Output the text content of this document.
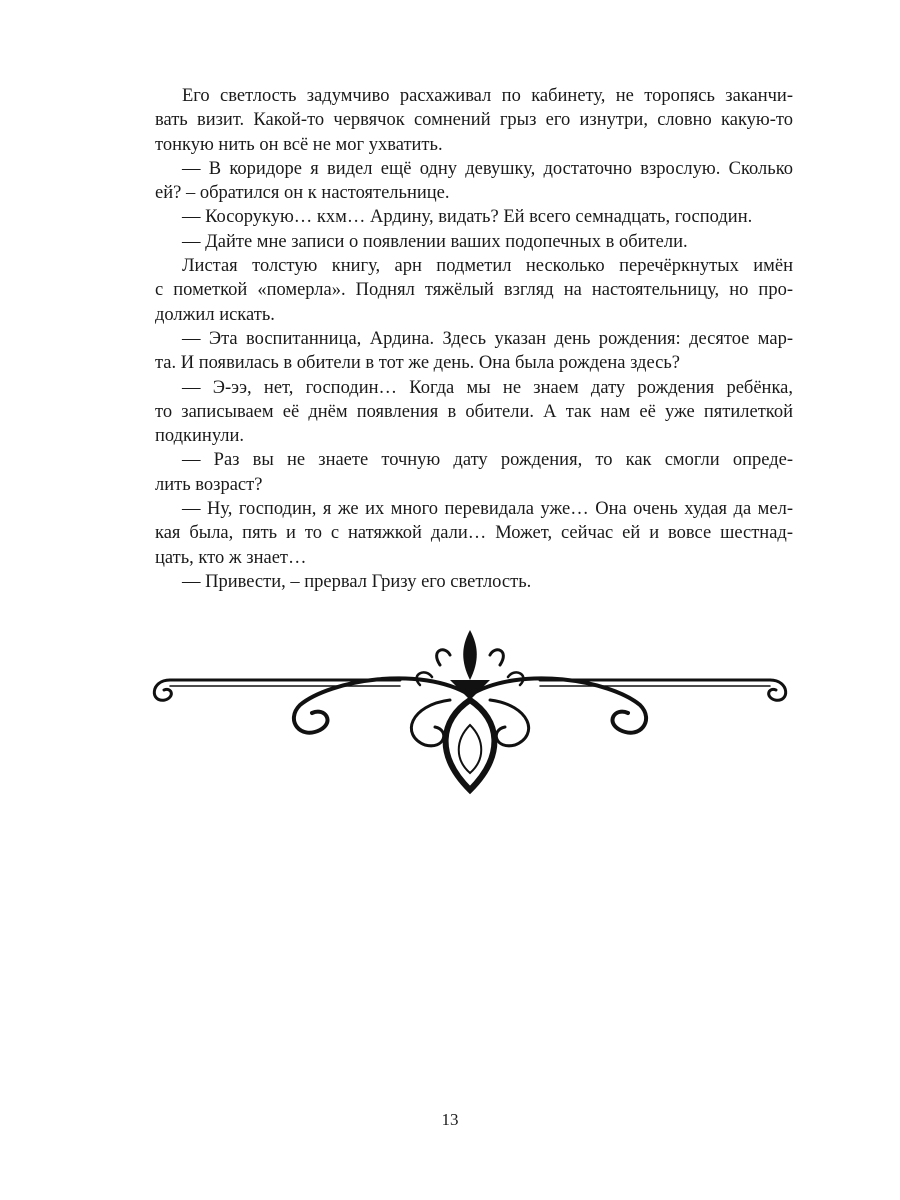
Его светлость задумчиво расхаживал по кабинету, не торопясь заканчи-
вать визит. Какой-то червячок сомнений грыз его изнутри, словно какую-то
тонкую нить он всё не мог ухватить.
— В коридоре я видел ещё одну девушку, достаточно взрослую. Сколько
ей? – обратился он к настоятельнице.
— Косорукую… кхм… Ардину, видать? Ей всего семнадцать, господин.
— Дайте мне записи о появлении ваших подопечных в обители.
Листая толстую книгу, арн подметил несколько перечёркнутых имён
с пометкой «померла». Поднял тяжёлый взгляд на настоятельницу, но про-
должил искать.
— Эта воспитанница, Ардина. Здесь указан день рождения: десятое мар-
та. И появилась в обители в тот же день. Она была рождена здесь?
— Э-ээ, нет, господин… Когда мы не знаем дату рождения ребёнка,
то записываем её днём появления в обители. А так нам её уже пятилеткой
подкинули.
— Раз вы не знаете точную дату рождения, то как смогли опреде-
лить возраст?
— Ну, господин, я же их много перевидала уже… Она очень худая да мел-
кая была, пять и то с натяжкой дали… Может, сейчас ей и вовсе шестнад-
цать, кто ж знает…
— Привести, – прервал Гризу его светлость.
13
